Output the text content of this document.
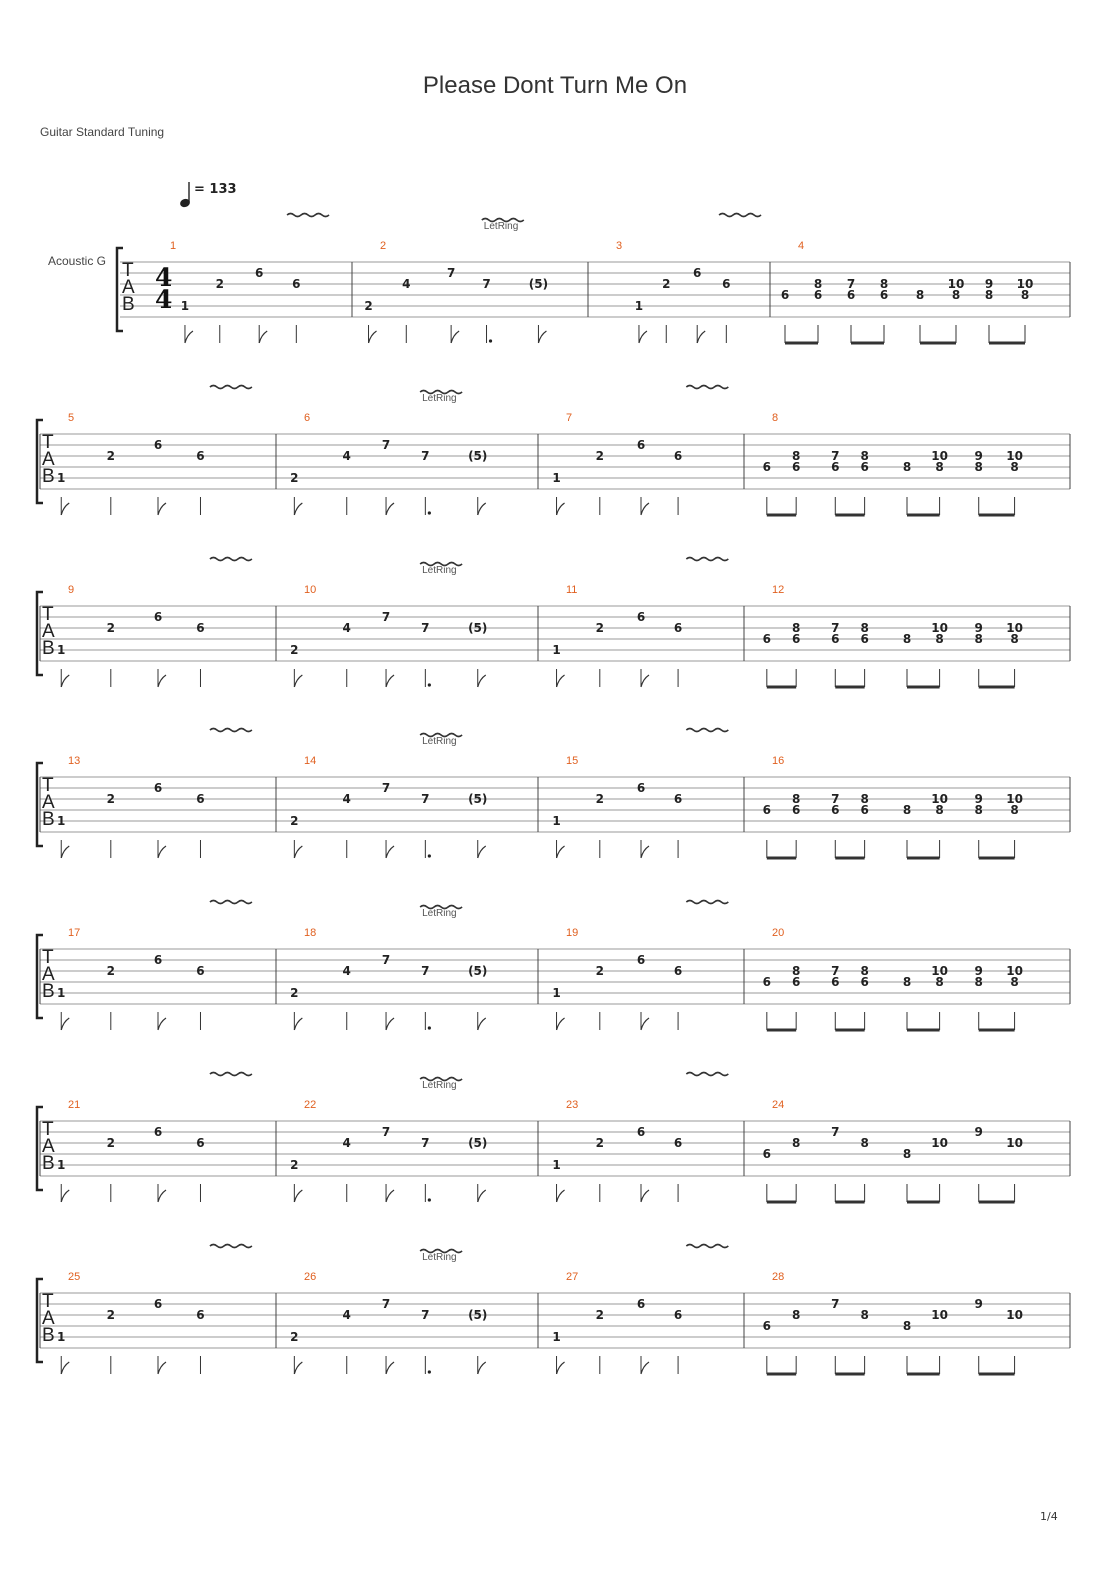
Please Dont Turn Me On
Guitar Standard Tuning
T
A
B
Acoustic G
4
4
= 133
LetRing
1
1
2
6
6
2
2
4
7
7	(5)
3
1
2
6
6
4
6 6
8
6
7
6
8
8 8
10
8
9
8
10
T
A
B
LetRing
5
1
2
6
6
6
2
4
7
7	(5)
7
1
2
6
6
8
6 6
8
6
7
6
8
8 8
10
8
9
8
10
T
A
B
LetRing
9
1
2
6
6
10
2
4
7
7	(5)
11
1
2
6
6
12
6 6
8
6
7
6
8
8 8
10
8
9
8
10
T
A
B
LetRing
13
1
2
6
6
14
2
4
7
7	(5)
15
1
2
6
6
16
6 6
8
6
7
6
8
8 8
10
8
9
8
10
T
A
B
LetRing
17
1
2
6
6
18
2
4
7
7	(5)
19
1
2
6
6
20
6 6
8
6
7
6
8
8 8
10
8
9
8
10
T
A
B
LetRing
21
1
2
6
6
22
2
4
7
7	(5)
23
1
2
6
6
24
6
8
7
8
8
10
9
10
T
A
B
LetRing
25
1
2
6
6
26
2
4
7
7	(5)
27
1
2
6
6
28
6
8
7
8
8
10
9
10
1/4
